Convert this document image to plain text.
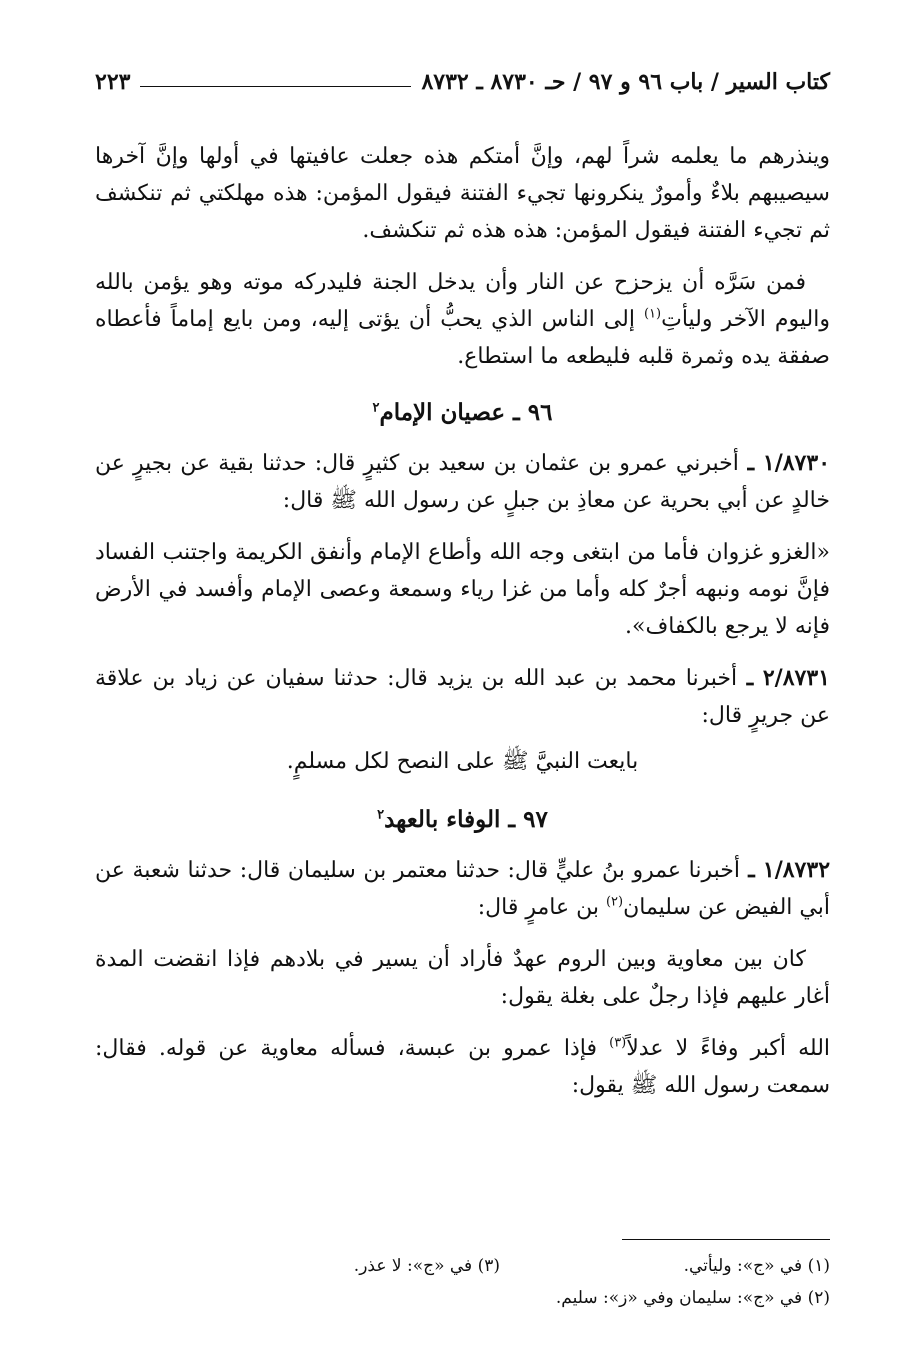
كتاب السير / باب ٩٦ و ٩٧ / حـ ٨٧٣٠ ـ ٨٧٣٢
٢٢٣

وينذرهم ما يعلمه شراً لهم، وإنَّ أمتكم هذه جعلت عافيتها في أولها وإنَّ آخرها سيصيبهم بلاءٌ وأمورٌ ينكرونها تجيء الفتنة فيقول المؤمن: هذه مهلكتي ثم تنكشف ثم تجيء الفتنة فيقول المؤمن: هذه هذه ثم تنكشف.

فمن سَرَّه أن يزحزح عن النار وأن يدخل الجنة فليدركه موته وهو يؤمن بالله واليوم الآخر وليأتِ$^{(١)}$ إلى الناس الذي يحبُّ أن يؤتى إليه، ومن بايع إماماً فأعطاه صفقة يده وثمرة قلبه فليطعه ما استطاع.

٩٦ ـ عصيان الإمام$^٢$

١/٨٧٣٠ ـ أخبرني عمرو بن عثمان بن سعيد بن كثيرٍ قال: حدثنا بقية عن بجيرٍ عن خالدٍ عن أبي بحرية عن معاذِ بن جبلٍ عن رسول الله ﷺ قال:

«الغزو غزوان فأما من ابتغى وجه الله وأطاع الإمام وأنفق الكريمة واجتنب الفساد فإنَّ نومه ونبهه أجرٌ كله وأما من غزا رياء وسمعة وعصى الإمام وأفسد في الأرض فإنه لا يرجع بالكفاف».

٢/٨٧٣١ ـ أخبرنا محمد بن عبد الله بن يزيد قال: حدثنا سفيان عن زياد بن علاقة عن جريرٍ قال:

بايعت النبيَّ ﷺ على النصح لكل مسلمٍ.

٩٧ ـ الوفاء بالعهد$^٢$

١/٨٧٣٢ ـ أخبرنا عمرو بنُ عليٍّ قال: حدثنا معتمر بن سليمان قال: حدثنا شعبة عن أبي الفيض عن سليمان$^{(٢)}$ بن عامرٍ قال:

كان بين معاوية وبين الروم عهدٌ فأراد أن يسير في بلادهم فإذا انقضت المدة أغار عليهم فإذا رجلٌ على بغلة يقول:

الله أكبر وفاءً لا عدلاً$^{(٣)}$ فإذا عمرو بن عبسة، فسأله معاوية عن قوله. فقال: سمعت رسول الله ﷺ يقول:

(١) في «ج»: وليأتي.
(٣) في «ج»: لا عذر.
(٢) في «ج»: سليمان وفي «ز»: سليم.
